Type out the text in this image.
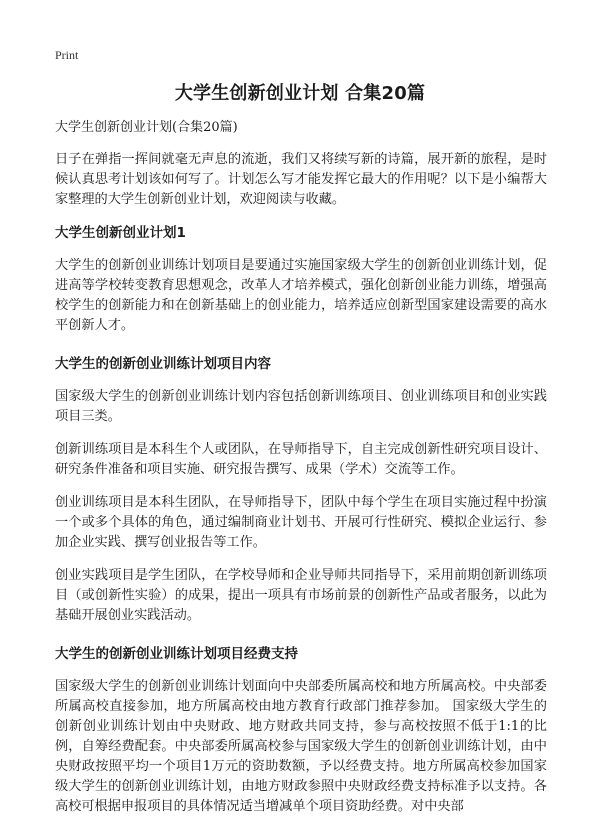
Print
大学生创新创业计划 合集20篇
大学生创新创业计划(合集20篇)

日子在弹指一挥间就毫无声息的流逝，我们又将续写新的诗篇，展开新的旅程，是时候认真思考计划该如何写了。计划怎么写才能发挥它最大的作用呢？以下是小编帮大家整理的大学生创新创业计划，欢迎阅读与收藏。

大学生创新创业计划1

大学生的创新创业训练计划项目是要通过实施国家级大学生的创新创业训练计划，促进高等学校转变教育思想观念，改革人才培养模式，强化创新创业能力训练，增强高校学生的创新能力和在创新基础上的创业能力，培养适应创新型国家建设需要的高水平创新人才。

大学生的创新创业训练计划项目内容

国家级大学生的创新创业训练计划内容包括创新训练项目、创业训练项目和创业实践项目三类。

创新训练项目是本科生个人或团队，在导师指导下，自主完成创新性研究项目设计、研究条件准备和项目实施、研究报告撰写、成果（学术）交流等工作。

创业训练项目是本科生团队，在导师指导下，团队中每个学生在项目实施过程中扮演一个或多个具体的角色，通过编制商业计划书、开展可行性研究、模拟企业运行、参加企业实践、撰写创业报告等工作。

创业实践项目是学生团队，在学校导师和企业导师共同指导下，采用前期创新训练项目（或创新性实验）的成果，提出一项具有市场前景的创新性产品或者服务，以此为基础开展创业实践活动。

大学生的创新创业训练计划项目经费支持

国家级大学生的创新创业训练计划面向中央部委所属高校和地方所属高校。中央部委所属高校直接参加，地方所属高校由地方教育行政部门推荐参加。 国家级大学生的创新创业训练计划由中央财政、地方财政共同支持，参与高校按照不低于1:1的比例，自筹经费配套。中央部委所属高校参与国家级大学生的创新创业训练计划，由中央财政按照平均一个项目1万元的资助数额，予以经费支持。地方所属高校参加国家级大学生的创新创业训练计划，由地方财政参照中央财政经费支持标准予以支持。各高校可根据申报项目的具体情况适当增减单个项目资助经费。对中央部
